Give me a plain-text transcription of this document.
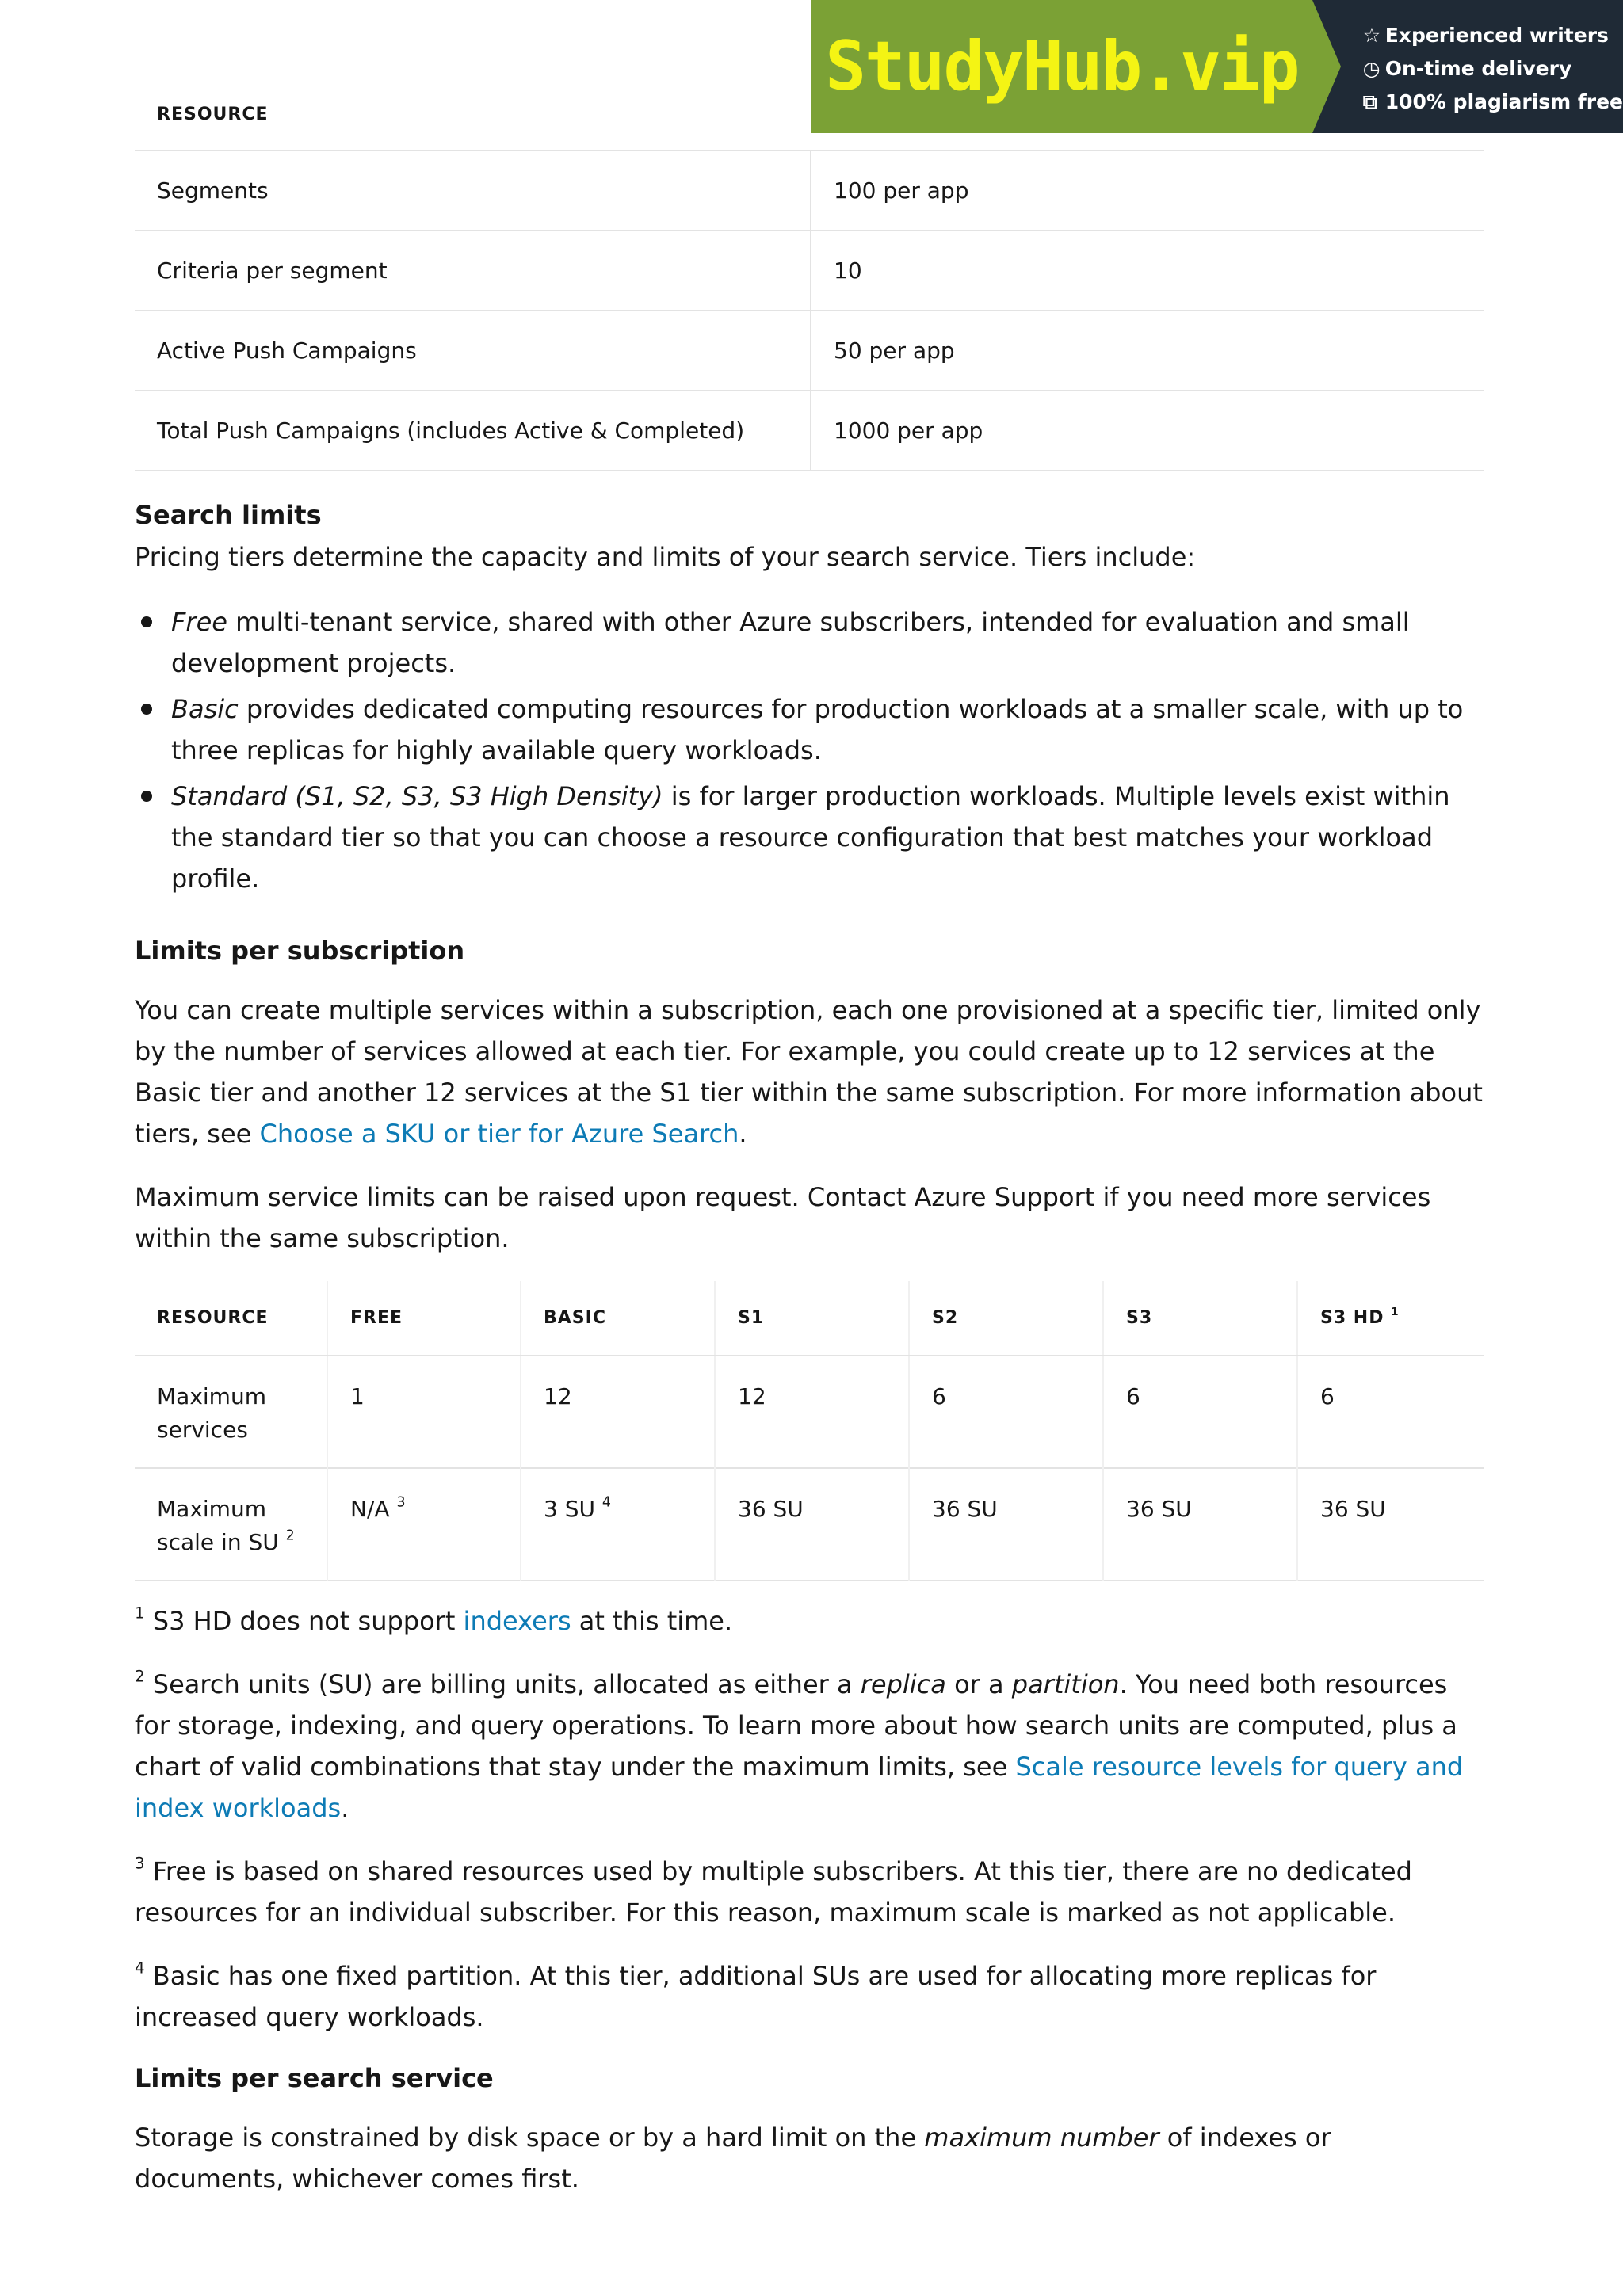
StudyHub.vip	☆ Experienced writers
◷ On-time delivery
⧉ 100% plagiarism free
RESOURCE	
Segments	100 per app
Criteria per segment	10
Active Push Campaigns	50 per app
Total Push Campaigns (includes Active & Completed)	1000 per app
Search limits

Pricing tiers determine the capacity and limits of your search service. Tiers include:

Free multi-tenant service, shared with other Azure subscribers, intended for evaluation and small development projects.
Basic provides dedicated computing resources for production workloads at a smaller scale, with up to three replicas for highly available query workloads.
Standard (S1, S2, S3, S3 High Density) is for larger production workloads. Multiple levels exist within the standard tier so that you can choose a resource configuration that best matches your workload profile.
Limits per subscription

You can create multiple services within a subscription, each one provisioned at a specific tier, limited only by the number of services allowed at each tier. For example, you could create up to 12 services at the Basic tier and another 12 services at the S1 tier within the same subscription. For more information about tiers, see Choose a SKU or tier for Azure Search.

Maximum service limits can be raised upon request. Contact Azure Support if you need more services within the same subscription.

RESOURCE	FREE	BASIC	S1	S2	S3	S3 HD $^1$
Maximum services	1	12	12	6	6	6
Maximum scale in SU $^2$	N/A $^3$	3 SU $^4$	36 SU	36 SU	36 SU	36 SU

$^1$ S3 HD does not support indexers at this time.

$^2$ Search units (SU) are billing units, allocated as either a replica or a partition. You need both resources for storage, indexing, and query operations. To learn more about how search units are computed, plus a chart of valid combinations that stay under the maximum limits, see Scale resource levels for query and index workloads.

$^3$ Free is based on shared resources used by multiple subscribers. At this tier, there are no dedicated resources for an individual subscriber. For this reason, maximum scale is marked as not applicable.

$^4$ Basic has one fixed partition. At this tier, additional SUs are used for allocating more replicas for increased query workloads.

Limits per search service

Storage is constrained by disk space or by a hard limit on the maximum number of indexes or documents, whichever comes first.
